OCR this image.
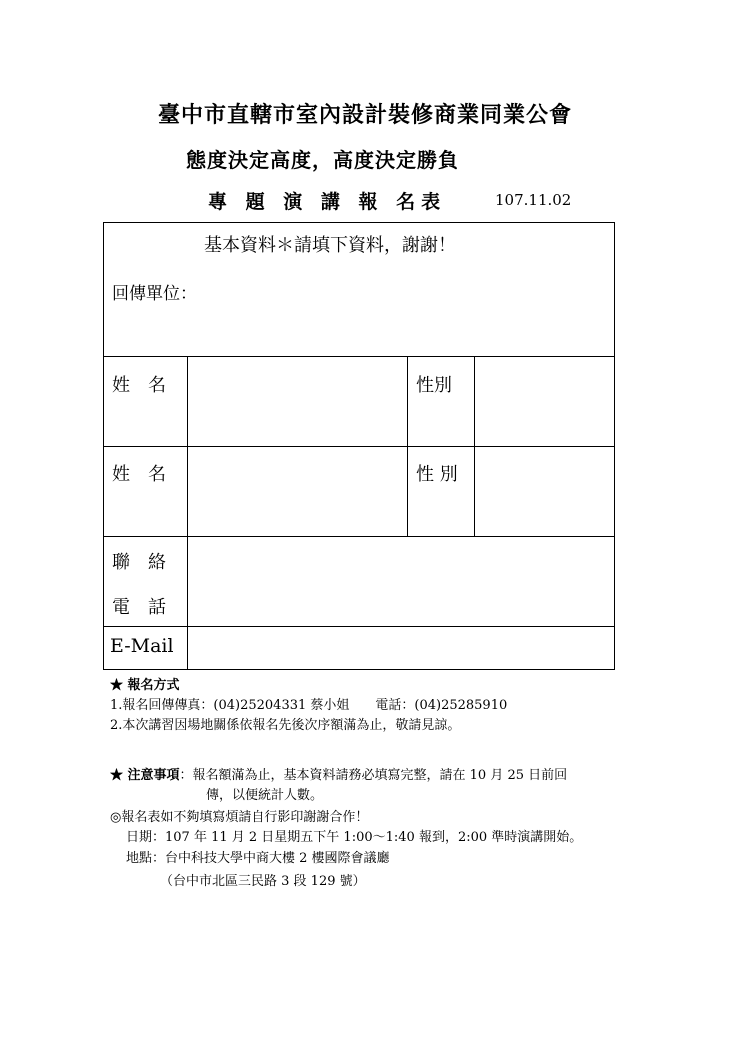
臺中市直轄市室內設計裝修商業同業公會
態度決定高度，高度決定勝負
專 題 演 講 報 名表	107.11.02
基本資料＊請填下資料，謝謝！
回傳單位：
姓　名	性別
姓　名	性 別
聯　絡
電　話
E-Mail
★ 報名方式
1.報名回傳傳真：(04)25204331 蔡小姐　　電話：(04)25285910
2.本次講習因場地關係依報名先後次序額滿為止，敬請見諒。
★ 注意事項：報名額滿為止，基本資料請務必填寫完整，請在 10 月 25 日前回
傳，以便統計人數。
◎報名表如不夠填寫煩請自行影印謝謝合作！
日期：107 年 11 月 2 日星期五下午 1:00～1:40 報到，2:00 準時演講開始。
地點：台中科技大學中商大樓 2 樓國際會議廳
（台中市北區三民路 3 段 129 號）
